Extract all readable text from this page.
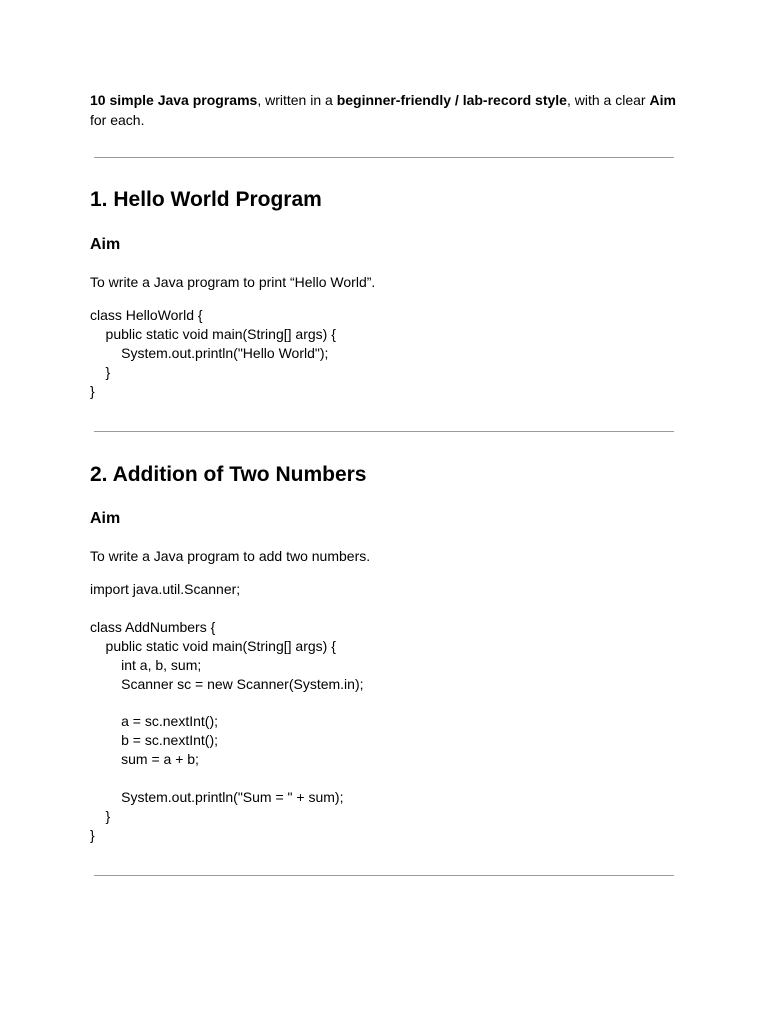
10 simple Java programs, written in a beginner-friendly / lab-record style, with a clear Aim for each.

1. Hello World Program
Aim

To write a Java program to print “Hello World”.

class HelloWorld {
public static void main(String[] args) {
System.out.println("Hello World");
}
}
2. Addition of Two Numbers
Aim

To write a Java program to add two numbers.

import java.util.Scanner;

class AddNumbers {
public static void main(String[] args) {
int a, b, sum;
Scanner sc = new Scanner(System.in);

a = sc.nextInt();
b = sc.nextInt();
sum = a + b;

System.out.println("Sum = " + sum);
}
}
